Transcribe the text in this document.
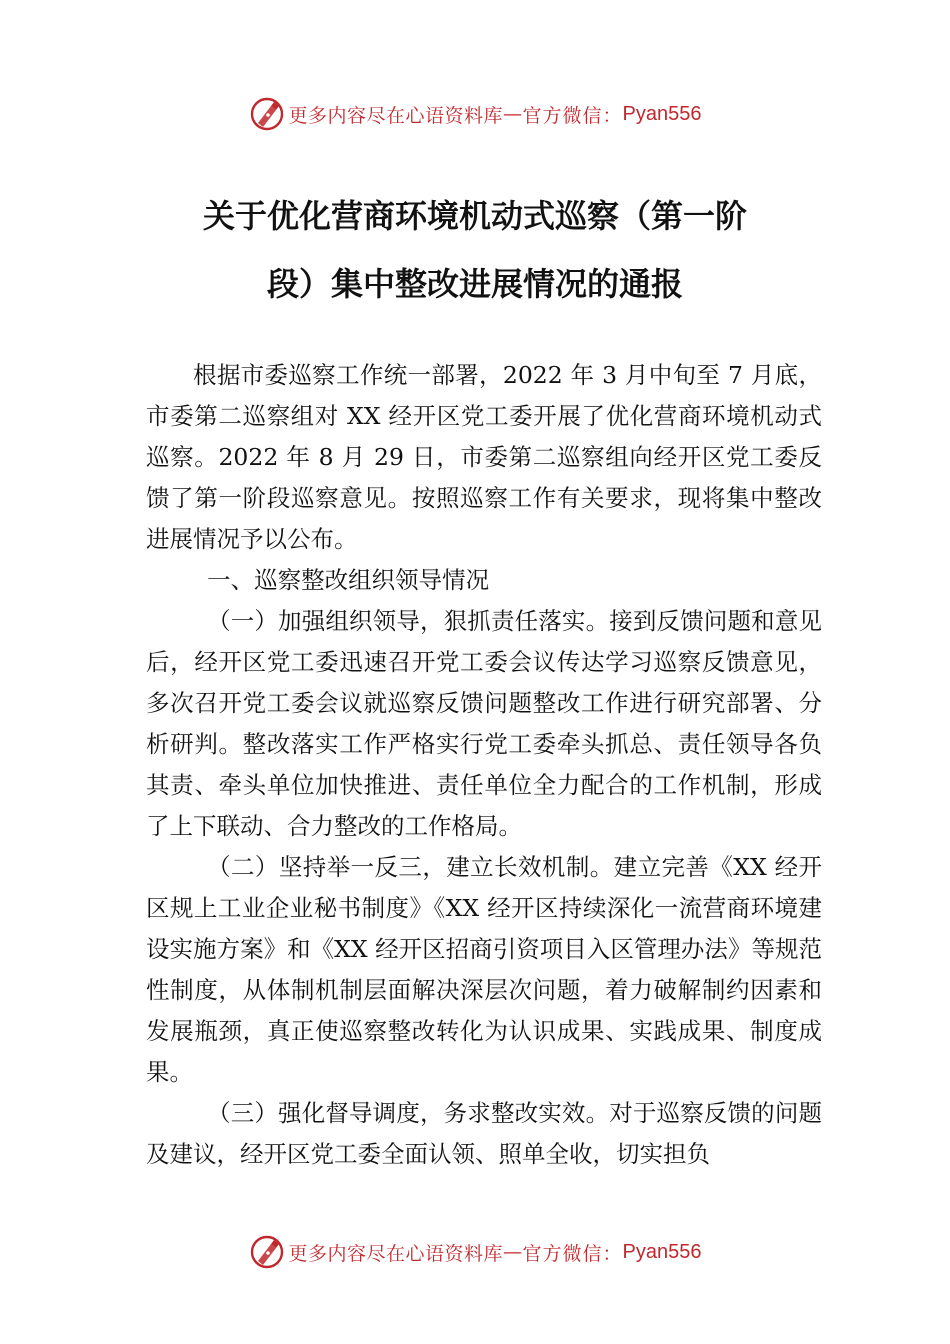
更多内容尽在心语资料库 — 官方微信： Pyan556
关于优化营商环境机动式巡察（第一阶
段）集中整改进展情况的通报

根据市委巡察工作统一部署，2022 年 3 月中旬至 7 月底，市委第二巡察组对 XX 经开区党工委开展了优化营商环境机动式巡察。2022 年 8 月 29 日，市委第二巡察组向经开区党工委反馈了第一阶段巡察意见。按照巡察工作有关要求，现将集中整改进展情况予以公布。

一、巡察整改组织领导情况

（一）加强组织领导，狠抓责任落实。接到反馈问题和意见后，经开区党工委迅速召开党工委会议传达学习巡察反馈意见，多次召开党工委会议就巡察反馈问题整改工作进行研究部署、分析研判。整改落实工作严格实行党工委牵头抓总、责任领导各负其责、牵头单位加快推进、责任单位全力配合的工作机制，形成了上下联动、合力整改的工作格局。

（二）坚持举一反三，建立长效机制。建立完善《XX 经开区规上工业企业秘书制度》《XX 经开区持续深化一流营商环境建设实施方案》和《XX 经开区招商引资项目入区管理办法》等规范性制度，从体制机制层面解决深层次问题，着力破解制约因素和发展瓶颈，真正使巡察整改转化为认识成果、实践成果、制度成果。

（三）强化督导调度，务求整改实效。对于巡察反馈的问题及建议，经开区党工委全面认领、照单全收，切实担负

更多内容尽在心语资料库 — 官方微信： Pyan556
